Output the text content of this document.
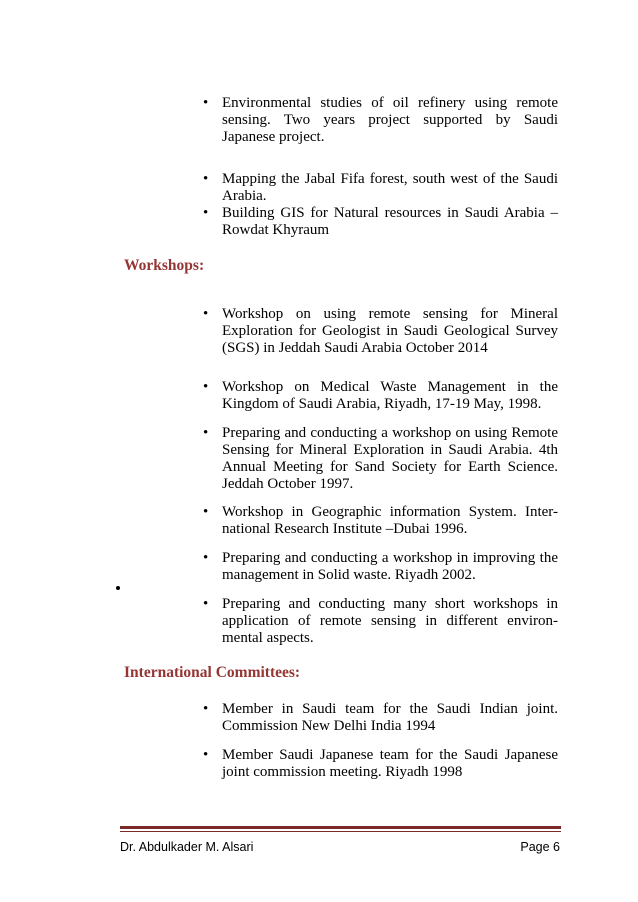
• Environmental studies of oil refinery using remote sensing. Two years project supported by Saudi Japanese project.
• Mapping the Jabal Fifa forest, south west of the Saudi Arabia.
• Building GIS for Natural resources in Saudi Arabia – Rowdat Khyraum
Workshops:
• Workshop on using remote sensing for Mineral Exploration for Geologist in Saudi Geological Survey (SGS) in Jeddah Saudi Arabia October 2014
• Workshop on Medical Waste Management in the Kingdom of Saudi Arabia, Riyadh, 17-19 May, 1998.
• Preparing and conducting a workshop on using Remote Sensing for Mineral Exploration in Saudi Arabia. 4th Annual Meeting for Sand Society for Earth Science. Jeddah October 1997.
• Workshop in Geographic information System. Inter-national Research Institute –Dubai 1996.
• Preparing and conducting a workshop in improving the management in Solid waste. Riyadh 2002.
• Preparing and conducting many short workshops in application of remote sensing in different environ-mental aspects.
International Committees:
• Member in Saudi team for the Saudi Indian joint. Commission New Delhi India 1994
• Member Saudi Japanese team for the Saudi Japanese joint commission meeting. Riyadh 1998
Dr. Abdulkader M. Alsari	Page 6
